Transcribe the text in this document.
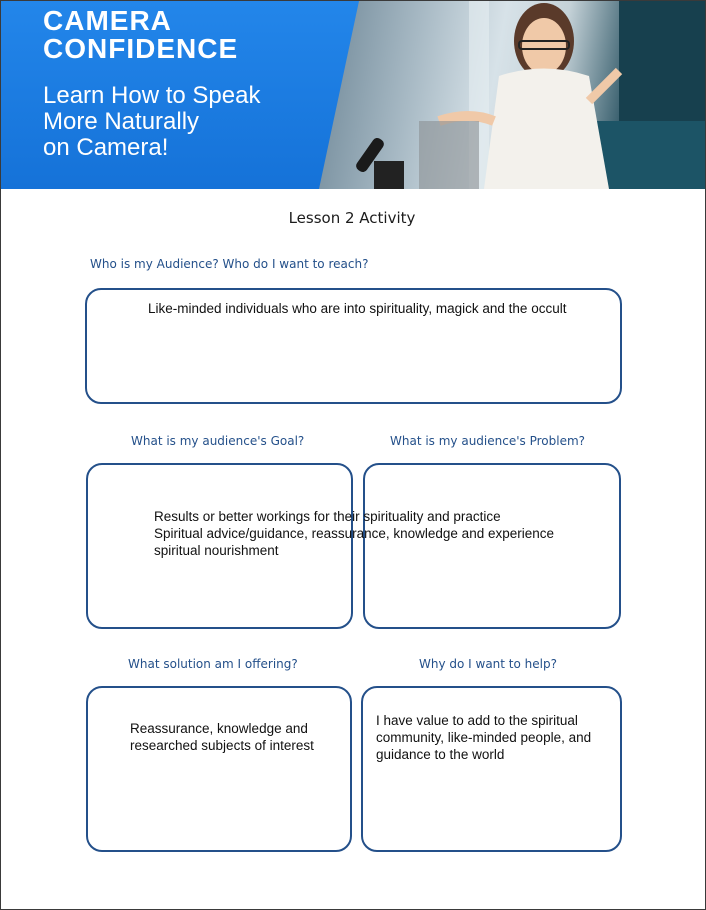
CAMERA
CONFIDENCE
Learn How to Speak
More Naturally
on Camera!
Lesson 2 Activity
Who is my Audience? Who do I want to reach?
Like-minded individuals who are into spirituality, magick and the occult
What is my audience's Goal?	What is my audience's Problem?
Results or better workings for their spirituality and practice
Spiritual advice/guidance, reassurance, knowledge and experience
spiritual nourishment
What solution am I offering?	Why do I want to help?
Reassurance, knowledge and
researched subjects of interest
I have value to add to the spiritual
community, like-minded people, and
guidance to the world
